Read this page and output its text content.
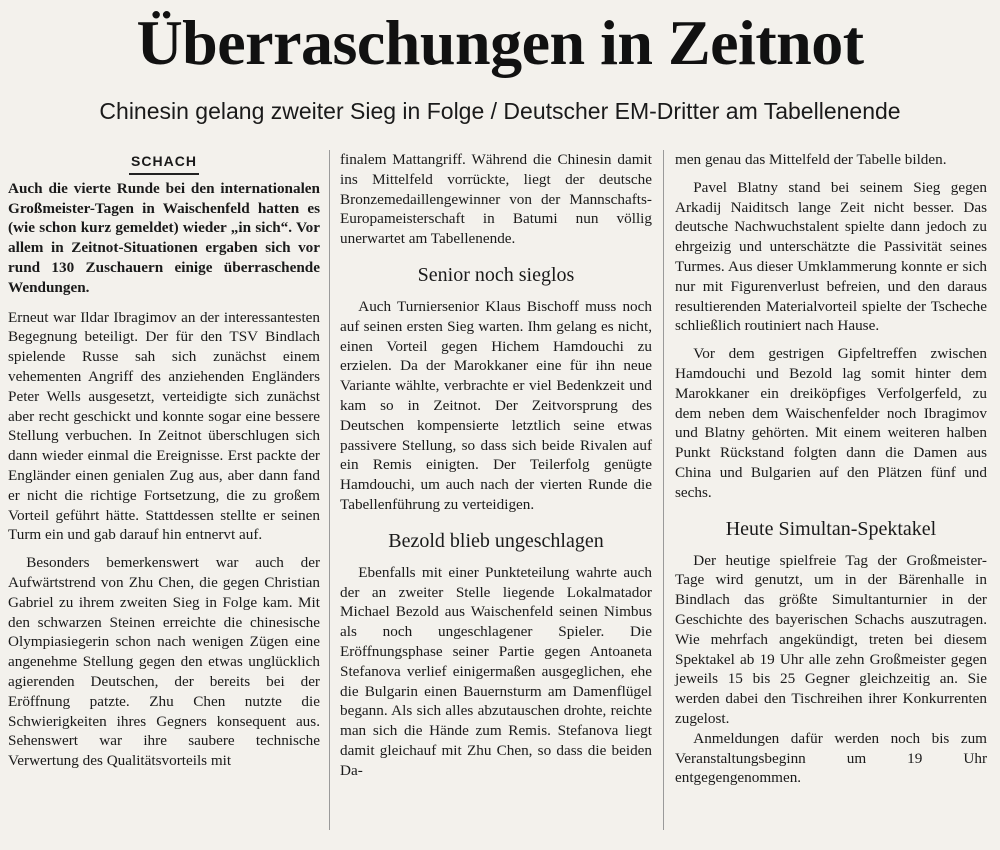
Überraschungen in Zeitnot
Chinesin gelang zweiter Sieg in Folge / Deutscher EM-Dritter am Tabellenende
SCHACH
Auch die vierte Runde bei den internationalen Großmeister-Tagen in Waischenfeld hatten es (wie schon kurz gemeldet) wieder „in sich“. Vor allem in Zeitnot-Situationen ergaben sich vor rund 130 Zuschauern einige überraschende Wendungen.

Erneut war Ildar Ibragimov an der interessantesten Begegnung beteiligt. Der für den TSV Bindlach spielende Russe sah sich zunächst einem vehementen Angriff des anziehenden Engländers Peter Wells ausgesetzt, verteidigte sich zunächst aber recht geschickt und konnte sogar eine bessere Stellung verbuchen. In Zeitnot überschlugen sich dann wieder einmal die Ereignisse. Erst packte der Engländer einen genialen Zug aus, aber dann fand er nicht die richtige Fortsetzung, die zu großem Vorteil geführt hätte. Stattdessen stellte er seinen Turm ein und gab darauf hin entnervt auf.

Besonders bemerkenswert war auch der Aufwärtstrend von Zhu Chen, die gegen Christian Gabriel zu ihrem zweiten Sieg in Folge kam. Mit den schwarzen Steinen erreichte die chinesische Olympiasiegerin schon nach wenigen Zügen eine angenehme Stellung gegen den etwas unglücklich agierenden Deutschen, der bereits bei der Eröffnung patzte. Zhu Chen nutzte die Schwierigkeiten ihres Gegners konsequent aus. Sehenswert war ihre saubere technische Verwertung des Qualitätsvorteils mit

finalem Mattangriff. Während die Chinesin damit ins Mittelfeld vorrückte, liegt der deutsche Bronzemedaillengewinner von der Mannschafts-Europameisterschaft in Batumi nun völlig unerwartet am Tabellenende.

Senior noch sieglos

Auch Turniersenior Klaus Bischoff muss noch auf seinen ersten Sieg warten. Ihm gelang es nicht, einen Vorteil gegen Hichem Hamdouchi zu erzielen. Da der Marokkaner eine für ihn neue Variante wählte, verbrachte er viel Bedenkzeit und kam so in Zeitnot. Der Zeitvorsprung des Deutschen kompensierte letztlich seine etwas passivere Stellung, so dass sich beide Rivalen auf ein Remis einigten. Der Teilerfolg genügte Hamdouchi, um auch nach der vierten Runde die Tabellenführung zu verteidigen.

Bezold blieb ungeschlagen

Ebenfalls mit einer Punkteteilung wahrte auch der an zweiter Stelle liegende Lokalmatador Michael Bezold aus Waischenfeld seinen Nimbus als noch ungeschlagener Spieler. Die Eröffnungsphase seiner Partie gegen Antoaneta Stefanova verlief einigermaßen ausgeglichen, ehe die Bulgarin einen Bauernsturm am Damenflügel begann. Als sich alles abzutauschen drohte, reichte man sich die Hände zum Remis. Stefanova liegt damit gleichauf mit Zhu Chen, so dass die beiden Da-

men genau das Mittelfeld der Tabelle bilden.

Pavel Blatny stand bei seinem Sieg gegen Arkadij Naiditsch lange Zeit nicht besser. Das deutsche Nachwuchstalent spielte dann jedoch zu ehrgeizig und unterschätzte die Passivität seines Turmes. Aus dieser Umklammerung konnte er sich nur mit Figurenverlust befreien, und den daraus resultierenden Materialvorteil spielte der Tscheche schließlich routiniert nach Hause.

Vor dem gestrigen Gipfeltreffen zwischen Hamdouchi und Bezold lag somit hinter dem Marokkaner ein dreiköpfiges Verfolgerfeld, zu dem neben dem Waischenfelder noch Ibragimov und Blatny gehörten. Mit einem weiteren halben Punkt Rückstand folgten dann die Damen aus China und Bulgarien auf den Plätzen fünf und sechs.

Heute Simultan-Spektakel

Der heutige spielfreie Tag der Großmeister-Tage wird genutzt, um in der Bärenhalle in Bindlach das größte Simultanturnier in der Geschichte des bayerischen Schachs auszutragen. Wie mehrfach angekündigt, treten bei diesem Spektakel ab 19 Uhr alle zehn Großmeister gegen jeweils 15 bis 25 Gegner gleichzeitig an. Sie werden dabei den Tischreihen ihrer Konkurrenten zugelost.

Anmeldungen dafür werden noch bis zum Veranstaltungsbeginn um 19 Uhr entgegengenommen.
